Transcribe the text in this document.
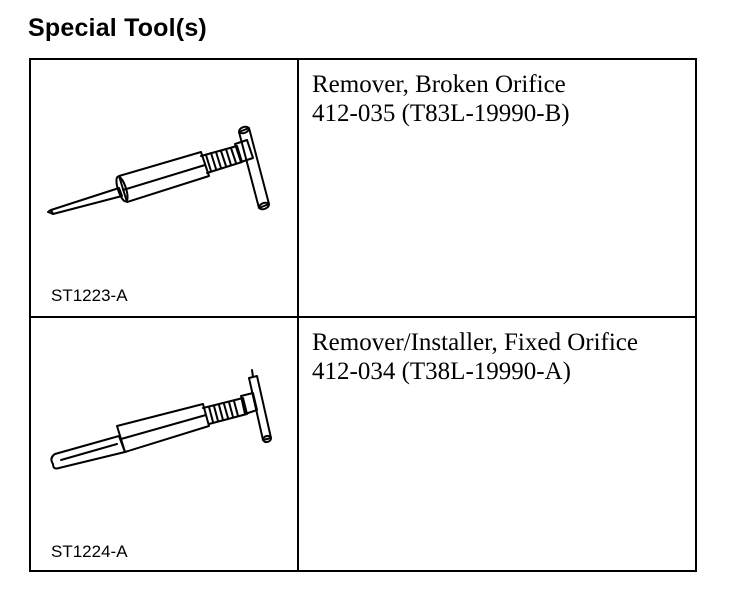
Special Tool(s)
ST1223-A
Remover, Broken Orifice
412-035 (T83L-19990-B)
ST1224-A
Remover/Installer, Fixed Orifice
412-034 (T38L-19990-A)
